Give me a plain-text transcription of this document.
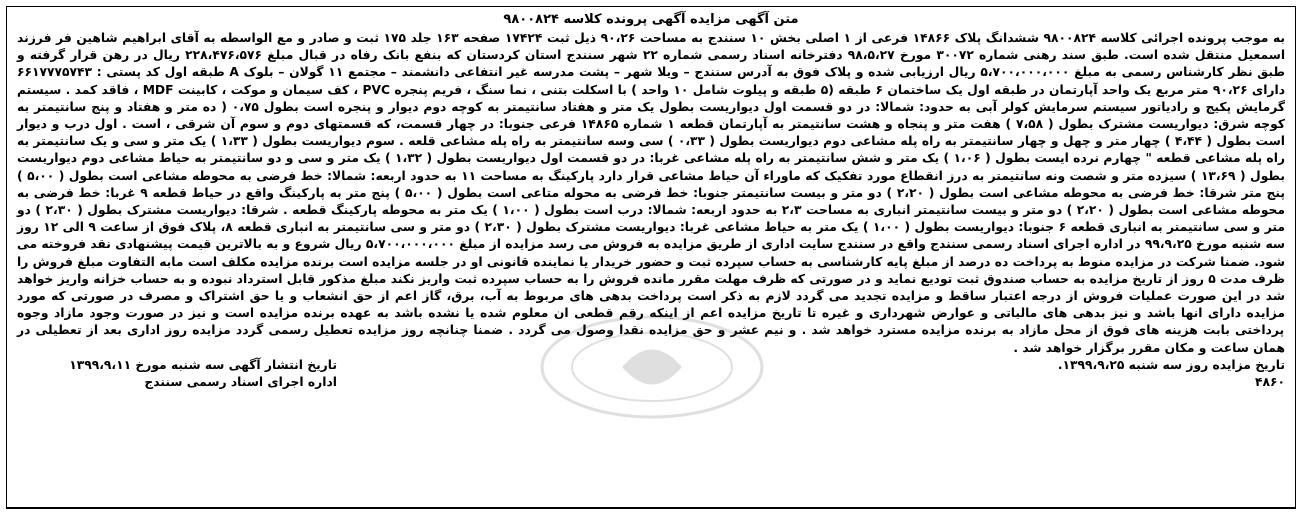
متن آگهی مزایده آگهی پرونده کلاسه ۹۸۰۰۸۲۴
به موجب پرونده اجرائی کلاسه ۹۸۰۰۸۲۴ ششدانگ پلاک ۱۴۸۶۶ فرعی از ۱ اصلی بخش ۱۰ سنندج به مساحت ۹۰،۲۶ ذیل ثبت ۱۷۴۲۴ صفحه ۱۶۳ جلد ۱۷۵ ثبت و صادر و مع الواسطه به آقای ابراهیم شاهین فر فرزند اسمعیل منتقل شده است. طبق سند رهنی شماره ۳۰۰۷۲ مورخ ۹۸،۵،۲۷ دفترخانه اسناد رسمی شماره ۲۲ شهر سنندج استان کردستان که بنفع بانک رفاه در قبال مبلغ ۲۲۸،۴۷۶،۵۷۶ ریال در رهن قرار گرفته و طبق نظر کارشناس رسمی به مبلغ ۵،۷۰۰،۰۰۰،۰۰۰ ریال ارزیابی شده و پلاک فوق به آدرس سنندج – ویلا شهر – پشت مدرسه غیر انتفاعی دانشمند – مجتمع ۱۱ گولان – بلوک A طبقه اول کد پستی : ۶۶۱۷۷۷۵۷۴۳ دارای ۹۰،۲۶ متر مربع یک واحد آپارتمان در طبقه اول یک ساختمان ۶ طبقه (۵ طبقه و پیلوت شامل ۱۰ واحد ) با اسکلت بتنی ، نما سنگ ، فریم پنجره PVC ، کف سیمان و موکت ، کابینت MDF ، فاقد کمد . سیستم گرمایش پکیج و رادیاتور سیستم سرمایش کولر آبی به حدود: شمالا: در دو قسمت اول دیواریست بطول یک متر و هفتاد سانتیمتر به کوچه دوم دیوار و پنجره است بطول ۰،۷۵ ( ده متر و هفتاد و پنج سانتیمتر به کوچه شرق: دیواریست مشترک بطول ( ۷،۵۸ ) هفت متر و پنجاه و هشت سانتیمتر به آپارتمان قطعه ۱ شماره ۱۴۸۶۵ فرعی جنوبا: در چهار قسمت، که قسمتهای دوم و سوم آن شرقی ، است . اول درب و دیوار است بطول ( ۴،۴۴ ) چهار متر و چهل و چهار سانتیمتر به راه پله مشاعی دوم دیواریست بطول ( ۰،۳۳ ) سی وسه سانتیمتر به راه پله مشاعی قلعه . سوم دیواریست بطول ( ۱،۳۳ ) یک متر و سی و یک سانتیمتر به راه پله مشاعی قطعه " چهارم نرده ایست بطول ( ۱،۰۶ ) یک متر و شش سانتیمتر به راه پله مشاعی غربا: در دو قسمت اول دیواریست بطول ( ۱،۳۲ ) یک متر و سی و دو سانتیمتر به حیاط مشاعی دوم دیواریست بطول ( ۱۳،۶۹ ) سیزده متر و شصت ونه سانتیمتر به درز انقطاع مورد تفکیک که ماوراء آن حیاط مشاعی قرار دارد پارکینگ به مساحت ۱۱ به حدود اربعه: شمالا: خط فرضی به محوطه مشاعی است بطول ( ۵،۰۰ ) پنج متر شرقا: خط فرضی به محوطه مشاعی است بطول ( ۲،۲۰ ) دو متر و بیست سانتیمتر جنوبا: خط فرضی به محوله متاعی است بطول ( ۵،۰۰ ) پنج متر به پارکینگ واقع در حیاط قطعه ۹ غربا: خط فرضی به محوطه مشاعی است بطول ( ۲،۲۰ ) دو متر و بیست سانتیمتر انباری به مساحت ۲،۳ به حدود اربعه: شمالا: درب است بطول ( ۱،۰۰ ) یک متر به محوطه پارکینگ قطعه . شرقا: دیواریست مشترک بطول ( ۲،۳۰ ) دو متر و سی سانتیمتر به انباری قطعه ۶ جنوبا: دیواریست بطول ( ۱،۰۰ ) یک متر به حیاط مشاعی غربا: دیواریست مشترک بطول ( ۲،۳۰ ) دو متر و سی سانتیمتر به انباری قطعه ۸، پلاک فوق از ساعت ۹ الی ۱۲ روز سه شنبه مورخ ۹۹،۹،۲۵ در اداره اجرای اسناد رسمی سنندج واقع در سنندج سایت اداری از طریق مزایده به فروش می رسد مزایده از مبلغ ۵،۷۰۰،۰۰۰،۰۰۰ ریال شروع و به بالاترین قیمت پیشنهادی نقد فروخته می شود. ضمنا شرکت در مزایده منوط به پرداخت ده درصد از مبلغ پایه کارشناسی به حساب سپرده ثبت و حضور خریدار یا نماینده قانونی او در جلسه مزایده است برنده مزایده مکلف است مابه التفاوت مبلغ فروش را ظرف مدت ۵ روز از تاریخ مزایده به حساب صندوق ثبت تودیع نماید و در صورتی که ظرف مهلت مقرر مانده فروش را به حساب سپرده ثبت واریز نکند مبلغ مذکور قابل استرداد نبوده و به حساب خزانه واریز خواهد شد در این صورت عملیات فروش از درجه اعتبار ساقط و مزایده تجدید می گردد لازم به ذکر است پرداخت بدهی های مربوط به آب، برق، گاز اعم از حق انشعاب و یا حق اشتراک و مصرف در صورتی که مورد مزایده دارای انها باشد و نیز بدهی های مالیاتی و عوارض شهرداری و غیره تا تاریخ مزایده اعم از اینکه رقم قطعی ان معلوم شده یا نشده باشد به عهده برنده مزایده است و نیز در صورت وجود مازاد وجوه پرداختی بابت هزینه های فوق از محل مازاد به برنده مزایده مسترد خواهد شد . و نیم عشر و حق مزایده نقدا وصول می گردد . ضمنا چنانچه روز مزایده تعطیل رسمی گردد مزایده روز اداری بعد از تعطیلی در همان ساعت و مکان مقرر برگزار خواهد شد .
تاریخ مزایده روز سه شنبه ۱۳۹۹،۹،۲۵.
۴۸۶۰
تاریخ انتشار آگهی سه شنبه مورخ ۱۳۹۹،۹،۱۱
اداره اجرای اسناد رسمی سنندج
